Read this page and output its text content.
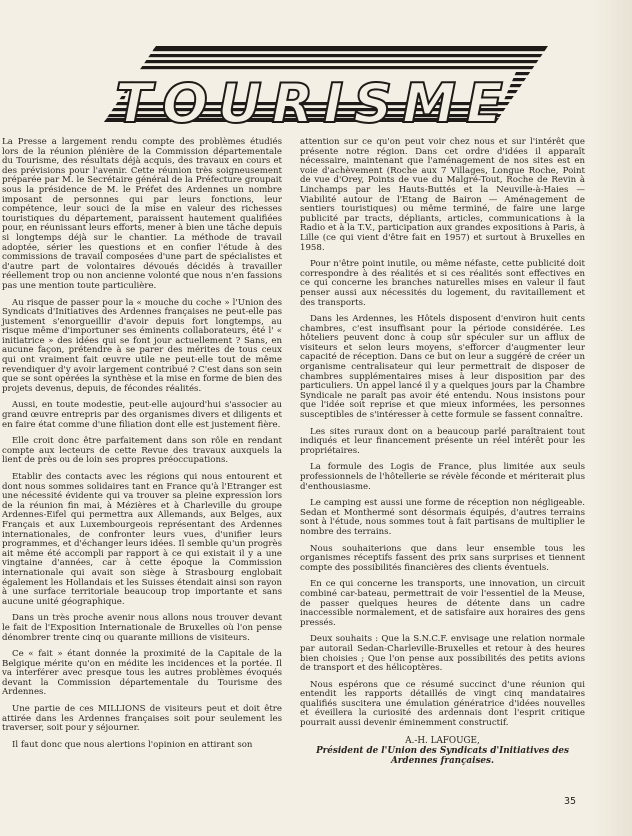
TOURISME

La Presse a largement rendu compte des problèmes étudiés lors de la réunion plénière de la Commission départementale du Tourisme, des résultats déjà acquis, des travaux en cours et des prévisions pour l'avenir. Cette réunion très soigneusement préparée par M. le Secrétaire général de la Préfecture groupait sous la présidence de M. le Préfet des Ardennes un nombre imposant de personnes qui par leurs fonctions, leur compétence, leur souci de la mise en valeur des richesses touristiques du département, paraissent hautement qualifiées pour, en réunissant leurs efforts, mener à bien une tâche depuis si longtemps déjà sur le chantier. La méthode de travail adoptée, sérier les questions et en confier l'étude à des commissions de travail composées d'une part de spécialistes et d'autre part de volontaires dévoués décidés à travailler réellement trop ou non ancienne volonté que nous n'en fassions pas une mention toute particulière.

Au risque de passer pour la « mouche du coche » l'Union des Syndicats d'Initiatives des Ardennes françaises ne peut-elle pas justement s'enorgueillir d'avoir depuis fort longtemps, au risque même d'importuner ses éminents collaborateurs, été l' « initiatrice » des idées qui se font jour actuellement ? Sans, en aucune façon, prétendre à se parer des mérites de tous ceux qui ont vraiment fait œuvre utile ne peut-elle tout de même revendiquer d'y avoir largement contribué ? C'est dans son sein que se sont opérées la synthèse et la mise en forme de bien des projets devenus, depuis, de fécondes réalités.

Aussi, en toute modestie, peut-elle aujourd'hui s'associer au grand œuvre entrepris par des organismes divers et diligents et en faire état comme d'une filiation dont elle est justement fière.

Elle croit donc être parfaitement dans son rôle en rendant compte aux lecteurs de cette Revue des travaux auxquels la lient de près ou de loin ses propres préoccupations.

Etablir des contacts avec les régions qui nous entourent et dont nous sommes solidaires tant en France qu'à l'Etranger est une nécessité évidente qui va trouver sa pleine expression lors de la réunion fin mai, à Mézières et à Charleville du groupe Ardennes-Eifel qui permettra aux Allemands, aux Belges, aux Français et aux Luxembourgeois représentant des Ardennes internationales, de confronter leurs vues, d'unifier leurs programmes, et d'échanger leurs idées. Il semble qu'un progrès ait même été accompli par rapport à ce qui existait il y a une vingtaine d'années, car à cette époque la Commission internationale qui avait son siège à Strasbourg englobait également les Hollandais et les Suisses étendait ainsi son rayon à une surface territoriale beaucoup trop importante et sans aucune unité géographique.

Dans un très proche avenir nous allons nous trouver devant le fait de l'Exposition Internationale de Bruxelles où l'on pense dénombrer trente cinq ou quarante millions de visiteurs.

Ce « fait » étant donnée la proximité de la Capitale de la Belgique mérite qu'on en médite les incidences et la portée. Il va interférer avec presque tous les autres problèmes évoqués devant la Commission départementale du Tourisme des Ardennes.

Une partie de ces MILLIONS de visiteurs peut et doit être attirée dans les Ardennes françaises soit pour seulement les traverser, soit pour y séjourner.

Il faut donc que nous alertions l'opinion en attirant son

attention sur ce qu'on peut voir chez nous et sur l'intérêt que présente notre région. Dans cet ordre d'idées il apparaît nécessaire, maintenant que l'aménagement de nos sites est en voie d'achèvement (Roche aux 7 Villages, Longue Roche, Point de vue d'Orey, Points de vue du Malgré-Tout, Roche de Revin à Linchamps par les Hauts-Buttés et la Neuville-à-Haies — Viabilité autour de l'Etang de Bairon — Aménagement de sentiers touristiques) ou même terminé, de faire une large publicité par tracts, dépliants, articles, communications à la Radio et à la T.V., participation aux grandes expositions à Paris, à Lille (ce qui vient d'être fait en 1957) et surtout à Bruxelles en 1958.

Pour n'être point inutile, ou même néfaste, cette publicité doit correspondre à des réalités et si ces réalités sont effectives en ce qui concerne les branches naturelles mises en valeur il faut penser aussi aux nécessités du logement, du ravitaillement et des transports.

Dans les Ardennes, les Hôtels disposent d'environ huit cents chambres, c'est insuffisant pour la période considérée. Les hôteliers peuvent donc à coup sûr spéculer sur un afflux de visiteurs et selon leurs moyens, s'efforcer d'augmenter leur capacité de réception. Dans ce but on leur a suggéré de créer un organisme centralisateur qui leur permettrait de disposer de chambres supplémentaires mises à leur disposition par des particuliers. Un appel lancé il y a quelques jours par la Chambre Syndicale ne paraît pas avoir été entendu. Nous insistons pour que l'idée soit reprise et que mieux informées, les personnes susceptibles de s'intéresser à cette formule se fassent connaître.

Les sites ruraux dont on a beaucoup parlé paraîtraient tout indiqués et leur financement présente un réel intérêt pour les propriétaires.

La formule des Logis de France, plus limitée aux seuls professionnels de l'hôtellerie se révèle féconde et mériterait plus d'enthousiasme.

Le camping est aussi une forme de réception non négligeable. Sedan et Monthermé sont désormais équipés, d'autres terrains sont à l'étude, nous sommes tout à fait partisans de multiplier le nombre des terrains.

Nous souhaiterions que dans leur ensemble tous les organismes réceptifs fassent des prix sans surprises et tiennent compte des possibilités financières des clients éventuels.

En ce qui concerne les transports, une innovation, un circuit combiné car-bateau, permettrait de voir l'essentiel de la Meuse, de passer quelques heures de détente dans un cadre inaccessible normalement, et de satisfaire aux horaires des gens pressés.

Deux souhaits : Que la S.N.C.F. envisage une relation normale par autorail Sedan-Charleville-Bruxelles et retour à des heures bien choisies ; Que l'on pense aux possibilités des petits avions de transport et des hélicoptères.

Nous espérons que ce résumé succinct d'une réunion qui entendit les rapports détaillés de vingt cinq mandataires qualifiés suscitera une émulation génératrice d'idées nouvelles et éveillera la curiosité des ardennais dont l'esprit critique pourrait aussi devenir éminemment constructif.

A.-H. LAFOUGE,
Président de l'Union des Syndicats d'Initiatives des Ardennes françaises.
35
